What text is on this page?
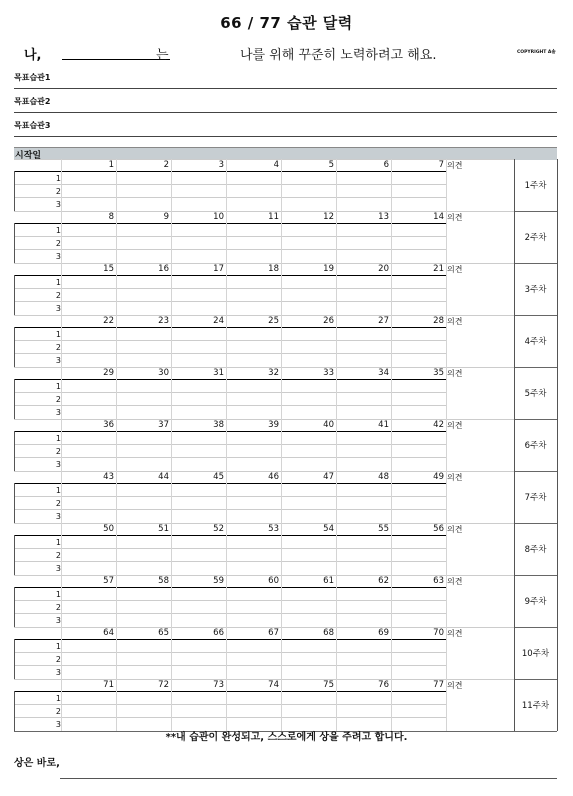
66 / 77 습관 달력
나,	는	나를 위해 꾸준히 노력하려고 해요.	COPYRIGHT A솔
목표습관1
목표습관2
목표습관3
시작일
1	2	3	4	5	6	7 의견
1
2
3
1주차
8	9	10	11	12	13	14 의견
1
2
3
2주차
15	16	17	18	19	20	21 의견
1
2
3
3주차
22	23	24	25	26	27	28 의견
1
2
3
4주차
29	30	31	32	33	34	35 의견
1
2
3
5주차
36	37	38	39	40	41	42 의견
1
2
3
6주차
43	44	45	46	47	48	49 의견
1
2
3
7주차
50	51	52	53	54	55	56 의견
1
2
3
8주차
57	58	59	60	61	62	63 의견
1
2
3
9주차
64	65	66	67	68	69	70 의견
1
2
3
10주차
71	72	73	74	75	76	77 의견
1
2
3
11주차
**내 습관이 완성되고, 스스로에게 상을 주려고 합니다.
상은 바로,
